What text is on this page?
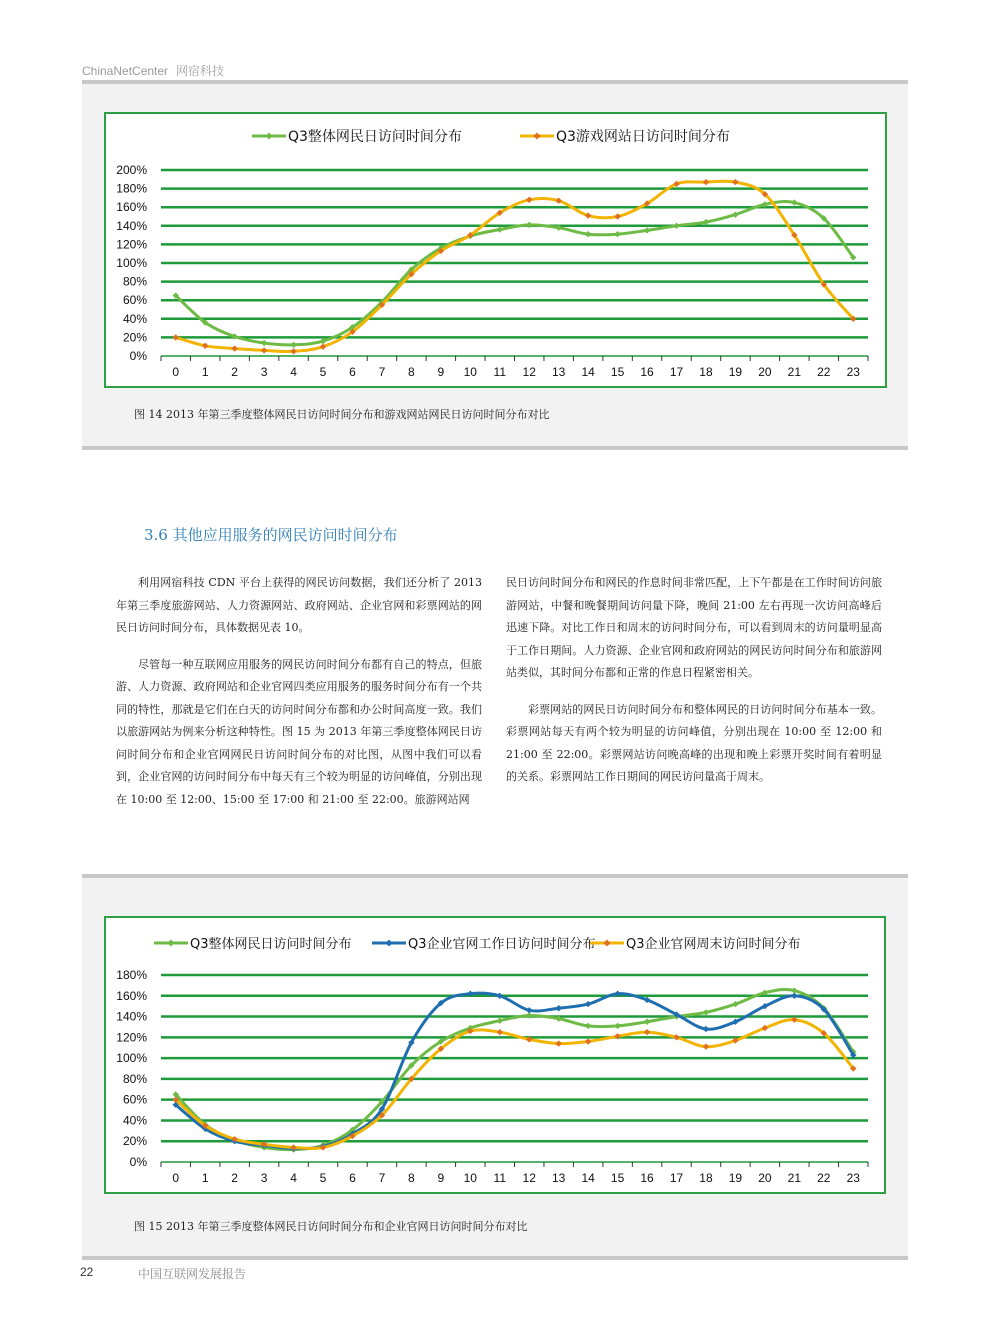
ChinaNetCenter 网宿科技
0%
20%
40%
60%
80%
100%
120%
140%
160%
180%
200%
0 1 2 3 4 5 6 7 8 9 10 11 12 13 14 15 16 17 18 19 20 21 22 23
Q3整体网民日访问时间分布	Q3游戏网站日访问时间分布
图 14 2013 年第三季度整体网民日访问时间分布和游戏网站网民日访问时间分布对比
3.6 其他应用服务的网民访问时间分布

利用网宿科技 CDN 平台上获得的网民访问数据，我们还分析了 2013 年第三季度旅游网站、人力资源网站、政府网站、企业官网和彩票网站的网民日访问时间分布，具体数据见表 10。

尽管每一种互联网应用服务的网民访问时间分布都有自己的特点，但旅游、人力资源、政府网站和企业官网四类应用服务的服务时间分布有一个共同的特性，那就是它们在白天的访问时间分布都和办公时间高度一致。我们以旅游网站为例来分析这种特性。图 15 为 2013 年第三季度整体网民日访问时间分布和企业官网网民日访问时间分布的对比图，从图中我们可以看到，企业官网的访问时间分布中每天有三个较为明显的访问峰值，分别出现在 10:00 至 12:00、15:00 至 17:00 和 21:00 至 22:00。旅游网站网

民日访问时间分布和网民的作息时间非常匹配，上下午都是在工作时间访问旅游网站，中餐和晚餐期间访问量下降，晚间 21:00 左右再现一次访问高峰后迅速下降。对比工作日和周末的访问时间分布，可以看到周末的访问量明显高于工作日期间。人力资源、企业官网和政府网站的网民访问时间分布和旅游网站类似，其时间分布都和正常的作息日程紧密相关。

彩票网站的网民日访问时间分布和整体网民的日访问时间分布基本一致。彩票网站每天有两个较为明显的访问峰值，分别出现在 10:00 至 12:00 和 21:00 至 22:00。彩票网站访问晚高峰的出现和晚上彩票开奖时间有着明显的关系。彩票网站工作日期间的网民访问量高于周末。

0%
20%
40%
60%
80%
100%
120%
140%
160%
180%
0 1 2 3 4 5 6 7 8 9 10 11 12 13 14 15 16 17 18 19 20 21 22 23
Q3整体网民日访问时间分布	Q3企业官网工作日访问时间分布 Q3企业官网周末访问时间分布
图 15 2013 年第三季度整体网民日访问时间分布和企业官网日访问时间分布对比
22	中国互联网发展报告
